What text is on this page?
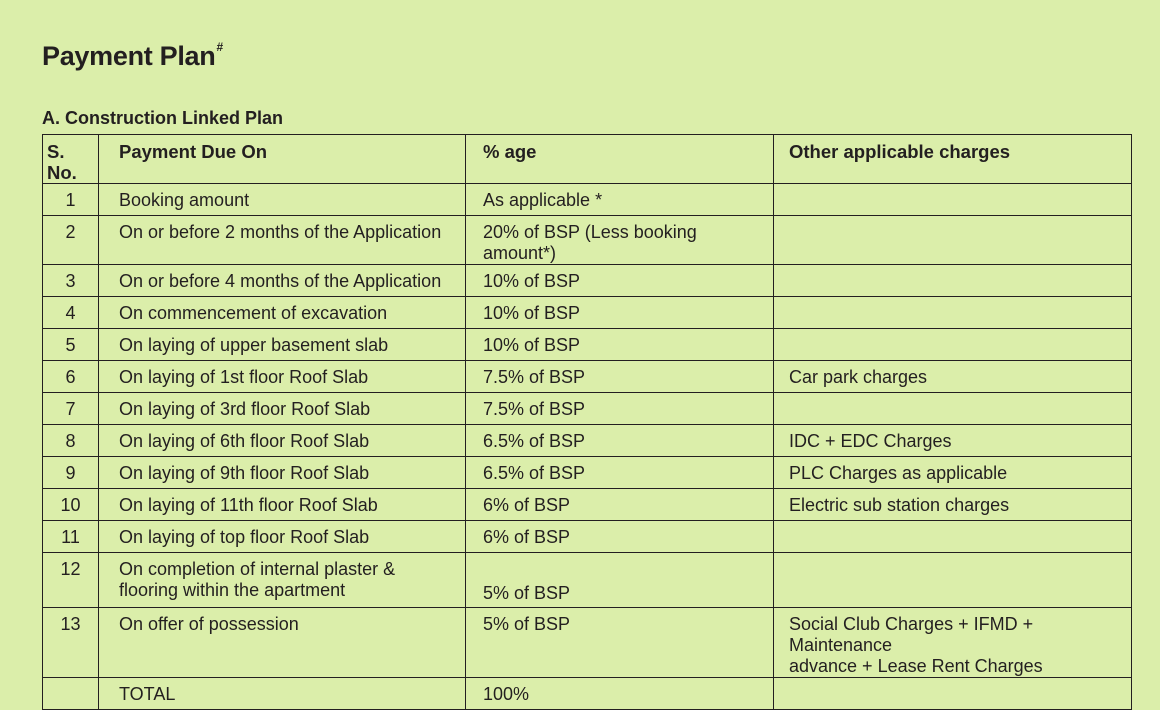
Payment Plan#
A. Construction Linked Plan
S. No.	Payment Due On	% age	Other applicable charges
1	Booking amount	As applicable *	
2	On or before 2 months of the Application	20% of BSP (Less booking amount*)	
3	On or before 4 months of the Application	10% of BSP	
4	On commencement of excavation	10% of BSP	
5	On laying of upper basement slab	10% of BSP	
6	On laying of 1st floor Roof Slab	7.5% of BSP	Car park charges
7	On laying of 3rd floor Roof Slab	7.5% of BSP	
8	On laying of 6th floor Roof Slab	6.5% of BSP	IDC + EDC Charges
9	On laying of 9th floor Roof Slab	6.5% of BSP	PLC Charges as applicable
10	On laying of 11th floor Roof Slab	6% of BSP	Electric sub station charges
11	On laying of top floor Roof Slab	6% of BSP	
12	On completion of internal plaster &
flooring within the apartment	5% of BSP	
13	On offer of possession	5% of BSP	Social Club Charges + IFMD + Maintenance
advance + Lease Rent Charges

	TOTAL	100%	
